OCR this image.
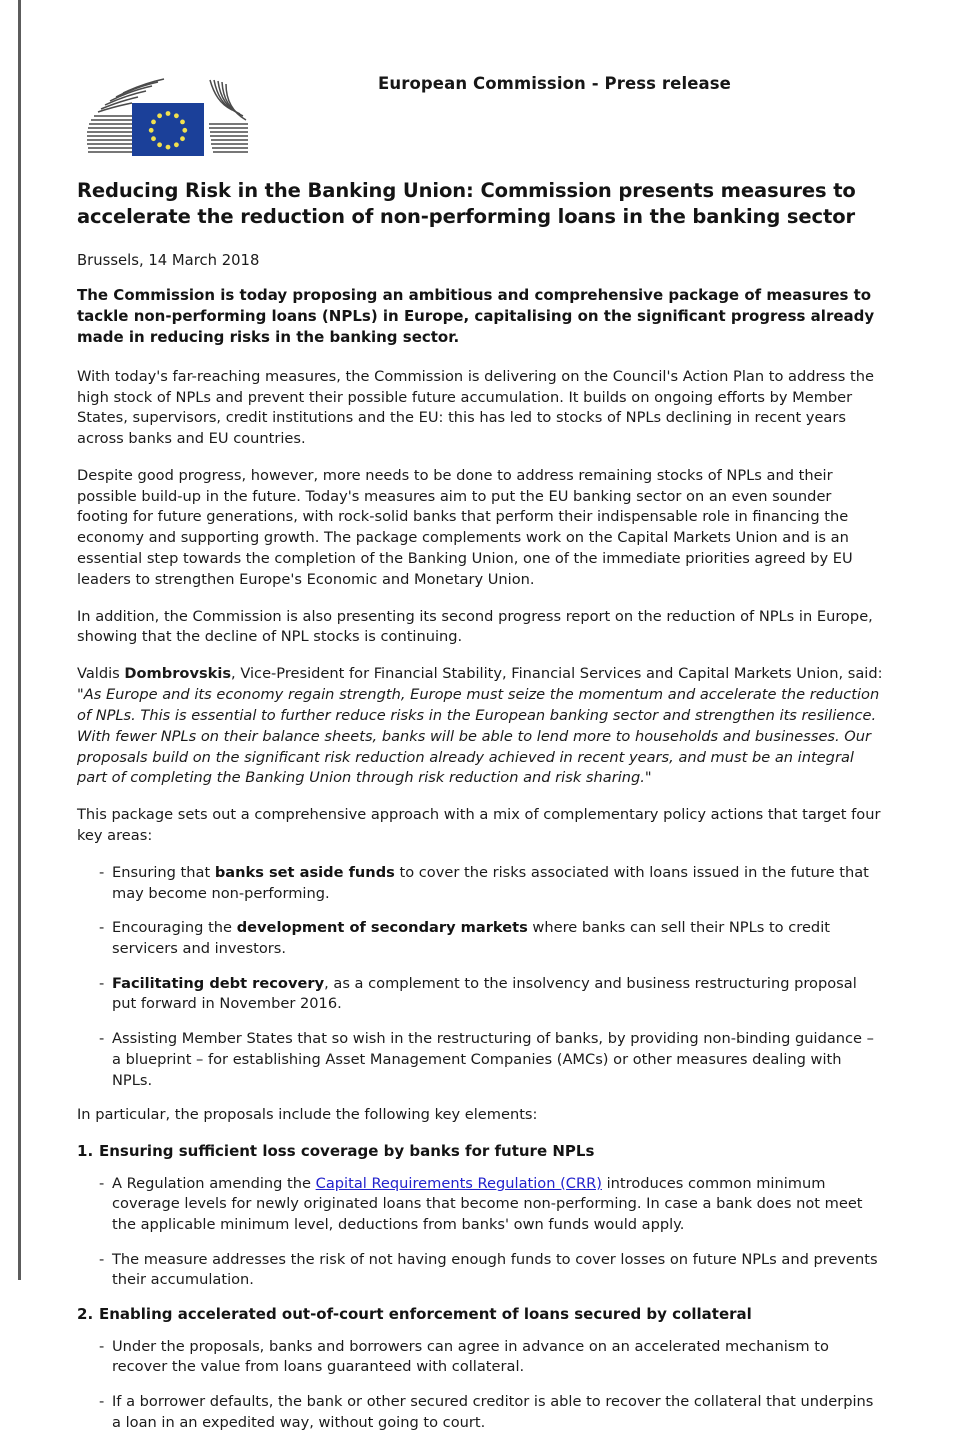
European Commission - Press release
Reducing Risk in the Banking Union: Commission presents measures to accelerate the reduction of non-performing loans in the banking sector
Brussels, 14 March 2018

The Commission is today proposing an ambitious and comprehensive package of measures to tackle non-performing loans (NPLs) in Europe, capitalising on the significant progress already made in reducing risks in the banking sector.

With today's far-reaching measures, the Commission is delivering on the Council's Action Plan to address the high stock of NPLs and prevent their possible future accumulation. It builds on ongoing efforts by Member States, supervisors, credit institutions and the EU: this has led to stocks of NPLs declining in recent years across banks and EU countries.

Despite good progress, however, more needs to be done to address remaining stocks of NPLs and their possible build-up in the future. Today's measures aim to put the EU banking sector on an even sounder footing for future generations, with rock-solid banks that perform their indispensable role in financing the economy and supporting growth. The package complements work on the Capital Markets Union and is an essential step towards the completion of the Banking Union, one of the immediate priorities agreed by EU leaders to strengthen Europe's Economic and Monetary Union.

In addition, the Commission is also presenting its second progress report on the reduction of NPLs in Europe, showing that the decline of NPL stocks is continuing.

Valdis Dombrovskis, Vice-President for Financial Stability, Financial Services and Capital Markets Union, said: "As Europe and its economy regain strength, Europe must seize the momentum and accelerate the reduction of NPLs. This is essential to further reduce risks in the European banking sector and strengthen its resilience. With fewer NPLs on their balance sheets, banks will be able to lend more to households and businesses. Our proposals build on the significant risk reduction already achieved in recent years, and must be an integral part of completing the Banking Union through risk reduction and risk sharing."

This package sets out a comprehensive approach with a mix of complementary policy actions that target four key areas:

- Ensuring that banks set aside funds to cover the risks associated with loans issued in the future that may become non-performing.
- Encouraging the development of secondary markets where banks can sell their NPLs to credit servicers and investors.
- Facilitating debt recovery, as a complement to the insolvency and business restructuring proposal put forward in November 2016.
- Assisting Member States that so wish in the restructuring of banks, by providing non-binding guidance – a blueprint – for establishing Asset Management Companies (AMCs) or other measures dealing with NPLs.

In particular, the proposals include the following key elements:

Ensuring sufficient loss coverage by banks for future NPLs
- A Regulation amending the Capital Requirements Regulation (CRR) introduces common minimum coverage levels for newly originated loans that become non-performing. In case a bank does not meet the applicable minimum level, deductions from banks' own funds would apply.
- The measure addresses the risk of not having enough funds to cover losses on future NPLs and prevents their accumulation.
Enabling accelerated out-of-court enforcement of loans secured by collateral
- Under the proposals, banks and borrowers can agree in advance on an accelerated mechanism to recover the value from loans guaranteed with collateral.
- If a borrower defaults, the bank or other secured creditor is able to recover the collateral that underpins a loan in an expedited way, without going to court.
